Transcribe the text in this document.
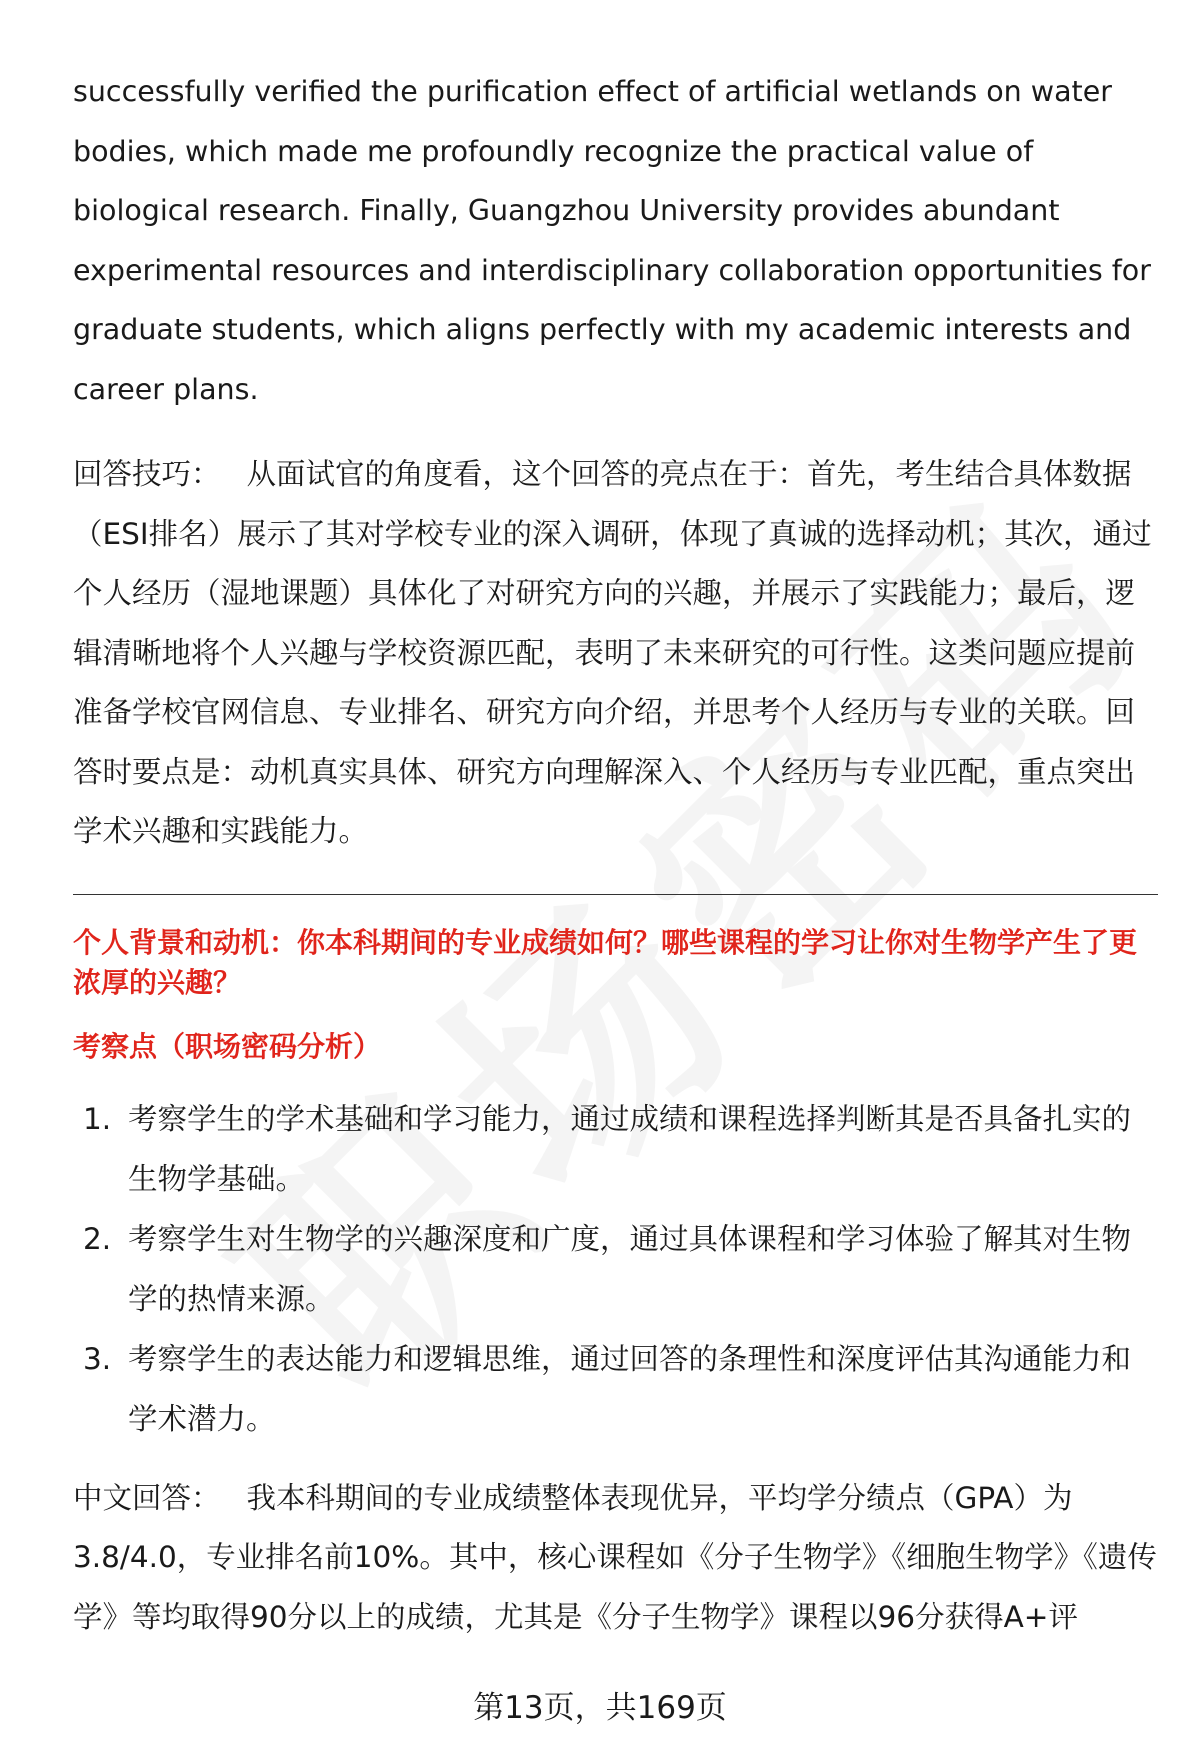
successfully verified the purification effect of artificial wetlands on water bodies, which made me profoundly recognize the practical value of biological research. Finally, Guangzhou University provides abundant experimental resources and interdisciplinary collaboration opportunities for graduate students, which aligns perfectly with my academic interests and career plans.

回答技巧： 从面试官的角度看，这个回答的亮点在于：首先，考生结合具体数据（ESI排名）展示了其对学校专业的深入调研，体现了真诚的选择动机；其次，通过个人经历（湿地课题）具体化了对研究方向的兴趣，并展示了实践能力；最后，逻辑清晰地将个人兴趣与学校资源匹配，表明了未来研究的可行性。这类问题应提前准备学校官网信息、专业排名、研究方向介绍，并思考个人经历与专业的关联。回答时要点是：动机真实具体、研究方向理解深入、个人经历与专业匹配，重点突出学术兴趣和实践能力。

个人背景和动机：你本科期间的专业成绩如何？哪些课程的学习让你对生物学产生了更浓厚的兴趣？
考察点（职场密码分析）
1. 考察学生的学术基础和学习能力，通过成绩和课程选择判断其是否具备扎实的生物学基础。
2. 考察学生对生物学的兴趣深度和广度，通过具体课程和学习体验了解其对生物学的热情来源。
3. 考察学生的表达能力和逻辑思维，通过回答的条理性和深度评估其沟通能力和学术潜力。

中文回答： 我本科期间的专业成绩整体表现优异，平均学分绩点（GPA）为3.8/4.0，专业排名前10%。其中，核心课程如《分子生物学》《细胞生物学》《遗传学》等均取得90分以上的成绩，尤其是《分子生物学》课程以96分获得A+评

第13页，共169页
